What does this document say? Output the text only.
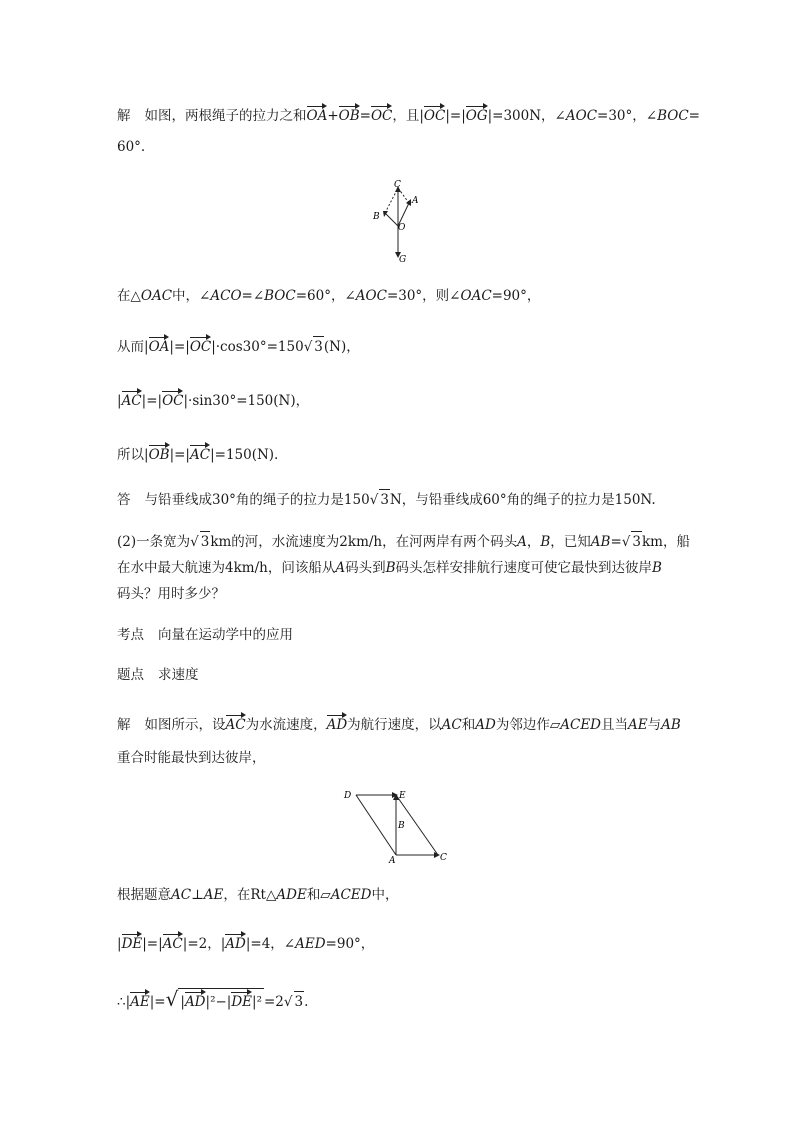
解 如图，两根绳子的拉力之和OA+OB=OC，且|OC|=|OG|=300N，∠AOC=30°，∠BOC=
60°.
C
A
B
O
G
在△OAC中，∠ACO=∠BOC=60°，∠AOC=30°，则∠OAC=90°，
从而|OA|=|OC|·cos30°=150√ 3(N)，
|AC|=|OC|·sin30°=150(N)，
所以|OB|=|AC|=150(N).
答 与铅垂线成30°角的绳子的拉力是150√ 3N，与铅垂线成60°角的绳子的拉力是150N.
(2)一条宽为√ 3km的河，水流速度为2km/h，在河两岸有两个码头A，B，已知AB=√ 3km，船
在水中最大航速为4km/h，问该船从A码头到B码头怎样安排航行速度可使它最快到达彼岸B
码头？用时多少？
考点 向量在运动学中的应用
题点 求速度
解 如图所示，设AC为水流速度，AD为航行速度，以AC和AD为邻边作▱ACED且当AE与AB
重合时能最快到达彼岸，
D	E
B
A	C
根据题意AC⊥AE，在Rt△ADE和▱ACED中，
|DE|=|AC|=2，|AD|=4，∠AED=90°，
∴|AE|=√ |AD|²−|DE|² =2√ 3.
